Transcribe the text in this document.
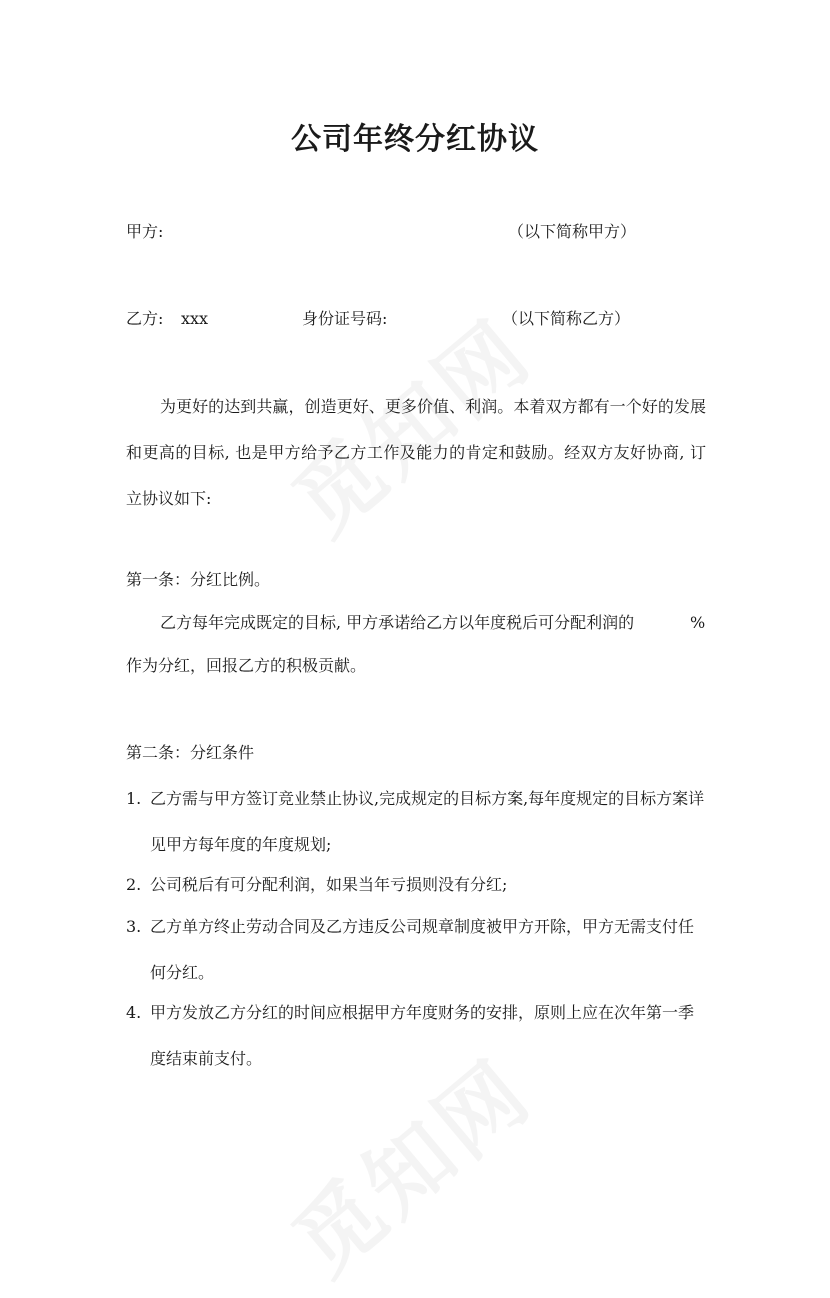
公司年终分红协议
甲方:	（以下简称甲方）
乙方: xxx	身份证号码:	（以下简称乙方）
为更好的达到共赢，创造更好、更多价值、利润。本着双方都有一个好的发展和更高的目标, 也是甲方给予乙方工作及能力的肯定和鼓励。经双方友好协商, 订立协议如下:
第一条：分红比例。
乙方每年完成既定的目标, 甲方承诺给乙方以年度税后可分配利润的	%
作为分红，回报乙方的积极贡献。
第二条：分红条件
1. 乙方需与甲方签订竞业禁止协议,完成规定的目标方案,每年度规定的目标方案详见甲方每年度的年度规划;
2. 公司税后有可分配利润，如果当年亏损则没有分红;
3. 乙方单方终止劳动合同及乙方违反公司规章制度被甲方开除，甲方无需支付任何分红。
4. 甲方发放乙方分红的时间应根据甲方年度财务的安排，原则上应在次年第一季度结束前支付。
